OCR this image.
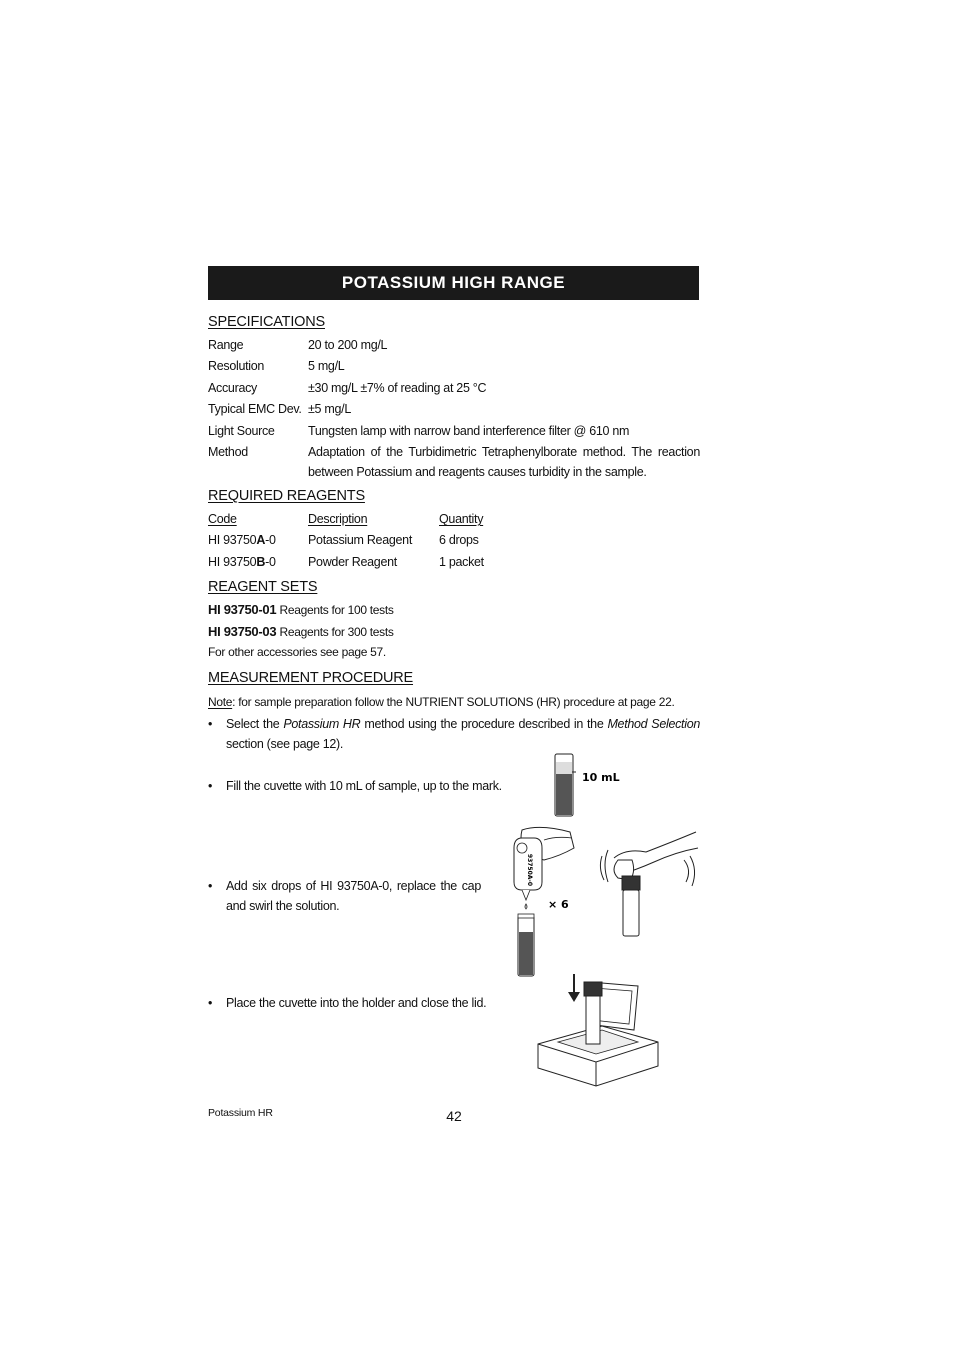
POTASSIUM HIGH RANGE
SPECIFICATIONS
Range	20 to 200 mg/L
Resolution	5 mg/L
Accuracy	±30 mg/L ±7% of reading at 25 °C
Typical EMC Dev. ±5 mg/L
Light Source	Tungsten lamp with narrow band interference filter @ 610 nm
Method	Adaptation of the Turbidimetric Tetraphenylborate method. The reaction between Potassium and reagents causes turbidity in the sample.
REQUIRED REAGENTS
Code	Description	Quantity
HI 93750A-0	Potassium Reagent 6 drops
HI 93750B-0	Powder Reagent	1 packet
REAGENT SETS
HI 93750-01 Reagents for 100 tests
HI 93750-03 Reagents for 300 tests
For other accessories see page 57.
MEASUREMENT PROCEDURE
Note: for sample preparation follow the NUTRIENT SOLUTIONS (HR) procedure at page 22.
• Select the Potassium HR method using the procedure described in the Method Selection section (see page 12).
• Fill the cuvette with 10 mL of sample, up to the mark.
• Add six drops of HI 93750A-0, replace the cap and swirl the solution.
• Place the cuvette into the holder and close the lid.
10 mL
93750A-0
× 6
Potassium HR	42
